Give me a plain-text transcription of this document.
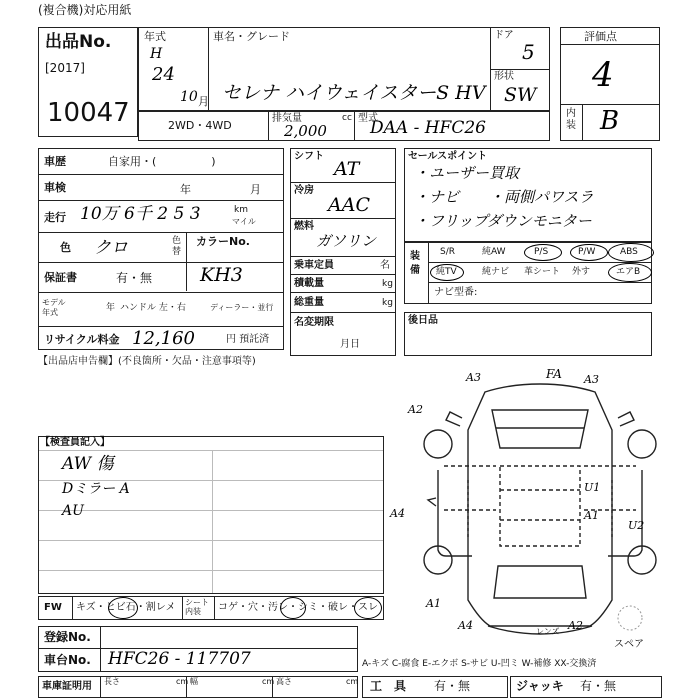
(複合機)対応用紙
出品No.
[2017]
10047
年式
H
24
10 月
車名・グレード
セレナ ハイウェイスターS HV
ドア
5
形状
SW
2WD・4WD
排気量
2,000
cc 型式
DAA - HFC26
評価点
4
内装 B
車歴	自家用・(　　　　　)
車検	年	月
走行 10万 6千 2 5 3	km
マイル
色 クロ	色替
カラーNo.
KH3
保証書	有・無
モデル年式	年 ハンドル 左・右	ディーラー・並行
リサイクル料金 12,160	円 預託済
シフト
AT
冷房
AAC
燃料
ガソリン
乗車定員	名
積載量	kg
総重量	kg
名変期限
月日
セールスポイント
・ユーザー買取
・ナビ　　・両側パワスラ
・フリップダウンモニター
装備
S/R	純AW	P/S	P/W	ABS
純TV	純ナビ 革シート 外す	エアB
ナビ型番:
後日品
【出品店申告欄】(不良箇所・欠品・注意事項等)
【検査員記入】
AW 傷
Dミラー A
AU
FW キズ・ヒビ石・割レメ シート内装	コゲ・穴・汚レ・シミ・破レ・スレ
登録No.
車台No. HFC26 - 117707
車庫証明用 長さ	cm 幅	cm 高さ	cm
A-キズ C-腐食 E-エクボ S-サビ U-凹ミ W-補修 XX-交換済
工　具 有・無	ジャッキ 有・無
A3	FA A3
A2
U1
A1
U2
A4
A1
A4	A2
レンズ
スペア
